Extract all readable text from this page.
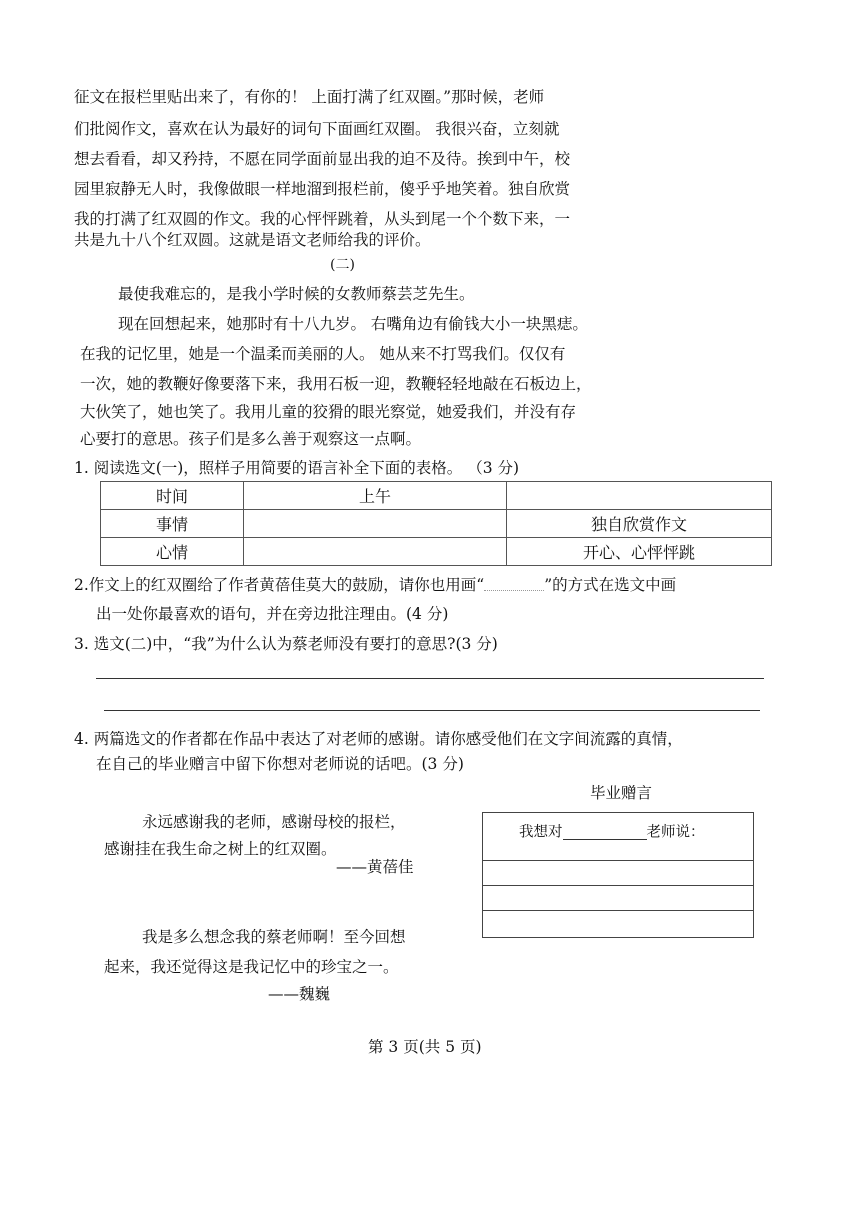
征文在报栏里贴出来了，有你的！ 上面打满了红双圈。”那时候，老师
们批阅作文，喜欢在认为最好的词句下面画红双圈。 我很兴奋，立刻就
想去看看，却又矜持，不愿在同学面前显出我的迫不及待。挨到中午，校
园里寂静无人时，我像做眼一样地溜到报栏前，傻乎乎地笑着。独自欣赏
我的打满了红双圆的作文。我的心怦怦跳着，从头到尾一个个数下来，一
共是九十八个红双圆。这就是语文老师给我的评价。
(二)
最使我难忘的，是我小学时候的女教师蔡芸芝先生。
现在回想起来，她那时有十八九岁。 右嘴角边有偷钱大小一块黑痣。
在我的记忆里，她是一个温柔而美丽的人。 她从来不打骂我们。仅仅有
一次，她的教鞭好像要落下来，我用石板一迎，教鞭轻轻地敲在石板边上，
大伙笑了，她也笑了。我用儿童的狡猾的眼光察觉，她爱我们，并没有存
心要打的意思。孩子们是多么善于观察这一点啊。
1. 阅读选文(一)，照样子用简要的语言补全下面的表格。 （3 分)
时间	上午	
事情		独自欣赏作文
心情		开心、心怦怦跳
2.作文上的红双圈给了作者黄蓓佳莫大的鼓励，请你也用画“	”的方式在选文中画
出一处你最喜欢的语句，并在旁边批注理由。(4 分)
3. 选文(二)中，“我”为什么认为蔡老师没有要打的意思?(3 分)
4. 两篇选文的作者都在作品中表达了对老师的感谢。请你感受他们在文字间流露的真情，
在自己的毕业赠言中留下你想对老师说的话吧。(3 分)
毕业赠言
永远感谢我的老师，感谢母校的报栏，
感谢挂在我生命之树上的红双圈。
——黄蓓佳
我是多么想念我的蔡老师啊！至今回想
起来，我还觉得这是我记忆中的珍宝之一。
——魏巍
我想对	老师说：
第 3 页(共 5 页)
